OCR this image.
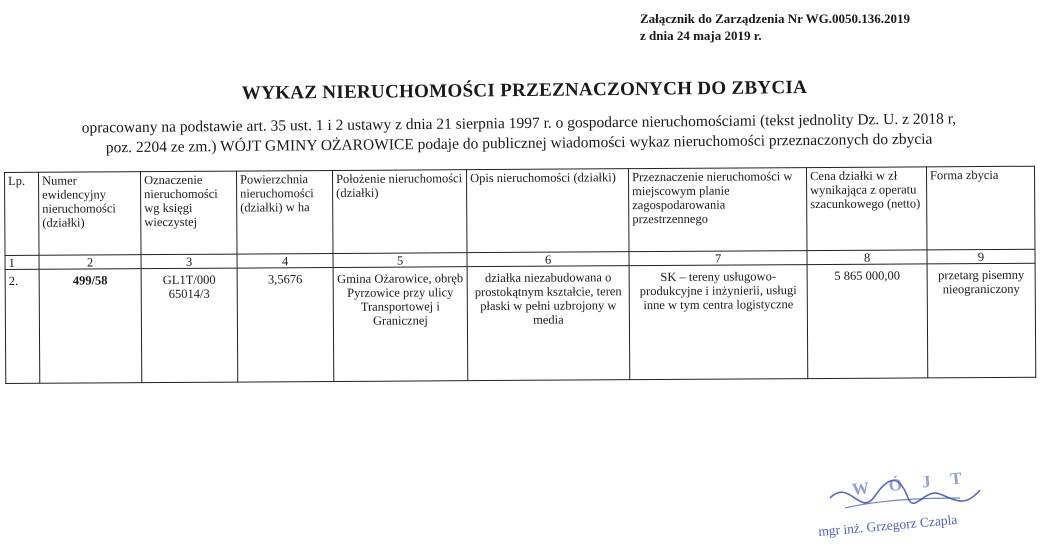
Załącznik do Zarządzenia Nr WG.0050.136.2019
z dnia 24 maja 2019 r.
WYKAZ NIERUCHOMOŚCI PRZEZNACZONYCH DO ZBYCIA
opracowany na podstawie art. 35 ust. 1 i 2 ustawy z dnia 21 sierpnia 1997 r. o gospodarce nieruchomościami (tekst jednolity Dz. U. z 2018 r,
poz. 2204 ze zm.) WÓJT GMINY OŻAROWICE podaje do publicznej wiadomości wykaz nieruchomości przeznaczonych do zbycia
Lp.	Numer ewidencyjny nieruchomości (działki)	Oznaczenie nieruchomości wg księgi wieczystej	Powierzchnia nieruchomości (działki) w ha	Położenie nieruchomości (działki)	Opis nieruchomości (działki)	Przeznaczenie nieruchomości w miejscowym planie zagospodarowania przestrzennego	Cena działki w zł wynikająca z operatu szacunkowego (netto)	Forma zbycia
1	2	3	4	5	6	7	8	9
2.	499/58	GL1T/000 65014/3	3,5676	Gmina Ożarowice, obręb Pyrzowice przy ulicy Transportowej i Granicznej	działka niezabudowana o prostokątnym kształcie, teren płaski w pełni uzbrojony w media	SK – tereny usługowo-produkcyjne i inżynierii, usługi inne w tym centra logistyczne	5 865 000,00	przetarg pisemny nieograniczony
W Ó J T
mgr inż. Grzegorz Czapla
